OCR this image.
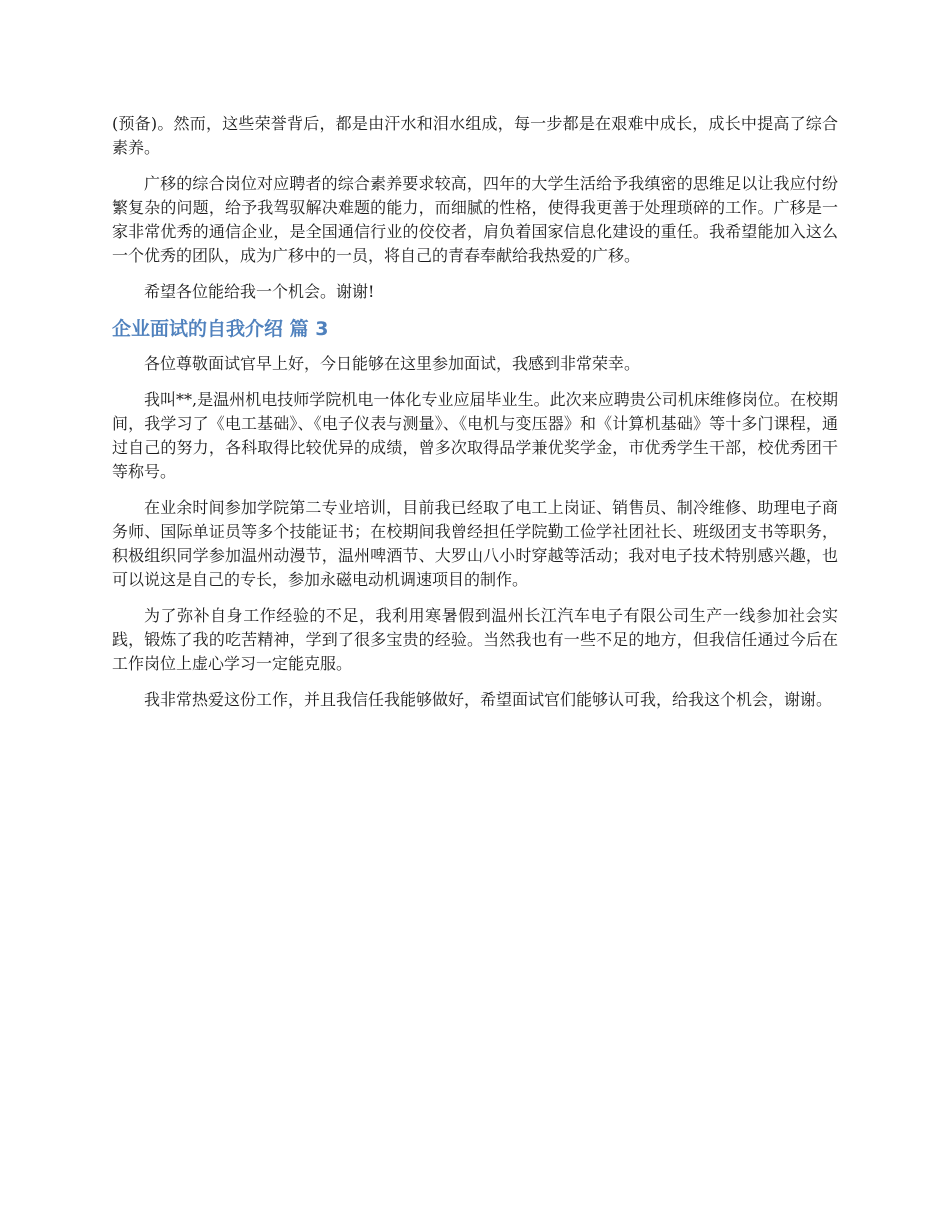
(预备)。然而，这些荣誉背后，都是由汗水和泪水组成，每一步都是在艰难中成长，成长中提高了综合素养。

广移的综合岗位对应聘者的综合素养要求较高，四年的大学生活给予我缜密的思维足以让我应付纷繁复杂的问题，给予我驾驭解决难题的能力，而细腻的性格，使得我更善于处理琐碎的工作。广移是一家非常优秀的通信企业，是全国通信行业的佼佼者，肩负着国家信息化建设的重任。我希望能加入这么一个优秀的团队，成为广移中的一员，将自己的青春奉献给我热爱的广移。

希望各位能给我一个机会。谢谢!

企业面试的自我介绍 篇 3

各位尊敬面试官早上好，今日能够在这里参加面试，我感到非常荣幸。

我叫**,是温州机电技师学院机电一体化专业应届毕业生。此次来应聘贵公司机床维修岗位。在校期间，我学习了《电工基础》、《电子仪表与测量》、《电机与变压器》和《计算机基础》等十多门课程，通过自己的努力，各科取得比较优异的成绩，曾多次取得品学兼优奖学金，市优秀学生干部，校优秀团干等称号。

在业余时间参加学院第二专业培训，目前我已经取了电工上岗证、销售员、制冷维修、助理电子商务师、国际单证员等多个技能证书；在校期间我曾经担任学院勤工俭学社团社长、班级团支书等职务，积极组织同学参加温州动漫节，温州啤酒节、大罗山八小时穿越等活动；我对电子技术特别感兴趣，也可以说这是自己的专长，参加永磁电动机调速项目的制作。

为了弥补自身工作经验的不足，我利用寒暑假到温州长江汽车电子有限公司生产一线参加社会实践，锻炼了我的吃苦精神，学到了很多宝贵的经验。当然我也有一些不足的地方，但我信任通过今后在工作岗位上虚心学习一定能克服。

我非常热爱这份工作，并且我信任我能够做好，希望面试官们能够认可我，给我这个机会，谢谢。
